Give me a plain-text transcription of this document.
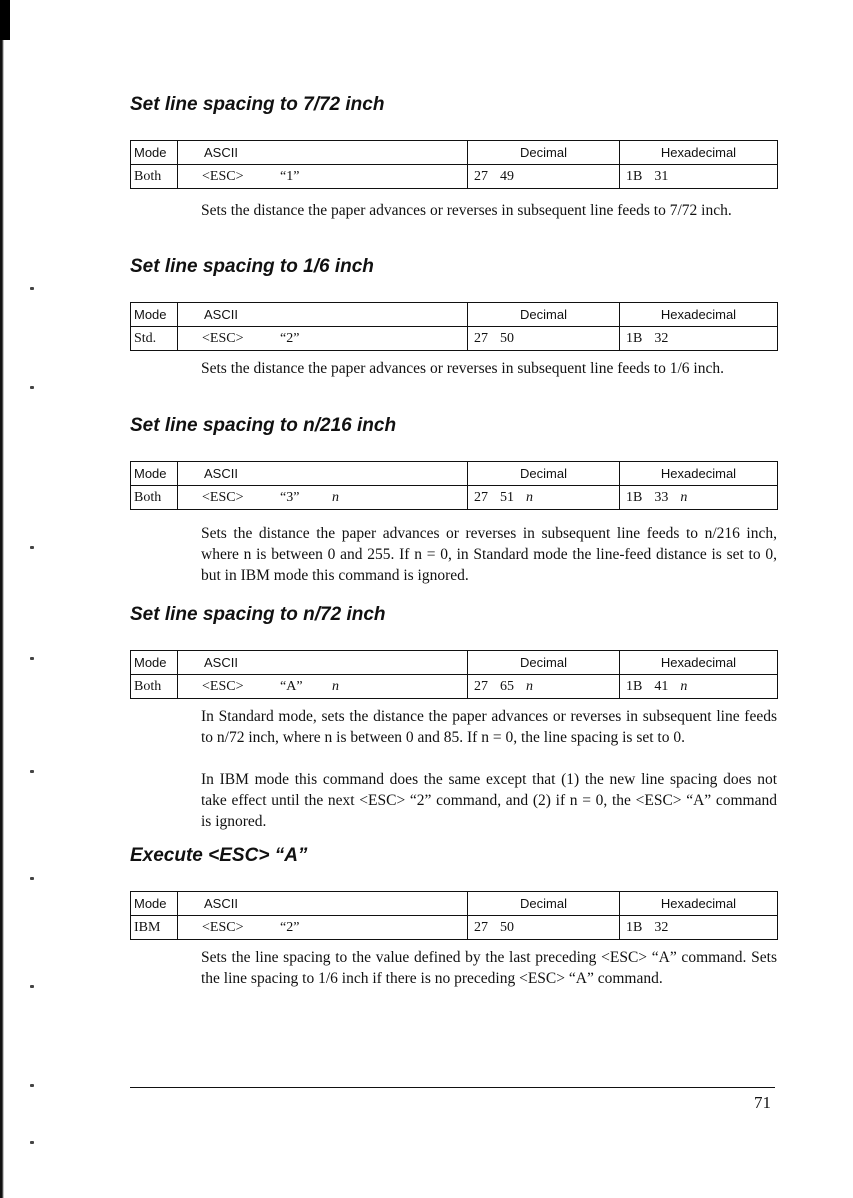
Set line spacing to 7/72 inch
Mode	ASCII	Decimal	Hexadecimal
Both	<ESC> “1”	27 49	1B 31

Sets the distance the paper advances or reverses in subsequent line feeds to 7/72 inch.

Set line spacing to 1/6 inch
Mode	ASCII	Decimal	Hexadecimal
Std.	<ESC> “2”	27 50	1B 32

Sets the distance the paper advances or reverses in subsequent line feeds to 1/6 inch.

Set line spacing to n/216 inch
Mode	ASCII	Decimal	Hexadecimal
Both	<ESC> “3” n	27 51 n	1B 33 n

Sets the distance the paper advances or reverses in subsequent line feeds to n/216 inch, where n is between 0 and 255. If n = 0, in Standard mode the line-feed distance is set to 0, but in IBM mode this command is ignored.

Set line spacing to n/72 inch
Mode	ASCII	Decimal	Hexadecimal
Both	<ESC> “A” n	27 65 n	1B 41 n

In Standard mode, sets the distance the paper advances or reverses in subsequent line feeds to n/72 inch, where n is between 0 and 85. If n = 0, the line spacing is set to 0.

In IBM mode this command does the same except that (1) the new line spacing does not take effect until the next <ESC> “2” command, and (2) if n = 0, the <ESC> “A” command is ignored.

Execute <ESC> “A”
Mode	ASCII	Decimal	Hexadecimal
IBM	<ESC> “2”	27 50	1B 32

Sets the line spacing to the value defined by the last preceding <ESC> “A” command. Sets the line spacing to 1/6 inch if there is no preceding <ESC> “A” command.

71
